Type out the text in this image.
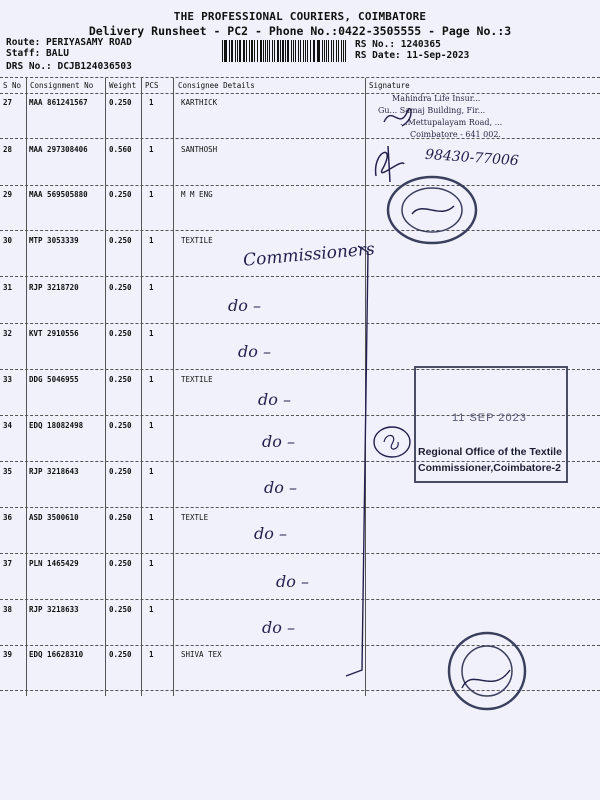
THE PROFESSIONAL COURIERS, COIMBATORE
Delivery Runsheet - PC2 - Phone No.:0422-3505555 - Page No.:3
Route: PERIYASAMY ROAD
Staff: BALU
DRS No.: DCJB124036503
RS No.: 1240365
RS Date: 11-Sep-2023
S No Consignment No Weight PCS	Consignee Details	Signature
27 MAA 861241567	0.250 1	KARTHICK
28 MAA 297308406	0.560 1	SANTHOSH
29 MAA 569505880	0.250 1	M M ENG
30 MTP 3053339	0.250 1	TEXTILE
31 RJP 3218720	0.250 1
32 KVT 2910556	0.250 1
33 DDG 5046955	0.250 1	TEXTILE
34 EDQ 18082498	0.250 1
35 RJP 3218643	0.250 1
36 ASD 3500610	0.250 1	TEXTLE
37 PLN 1465429	0.250 1
38 RJP 3218633	0.250 1
39 EDQ 16628310	0.250 1	SHIVA TEX
Commissioners
do –
do –
do –
do –
do –
do –
do –
do –
98430-77006
Mahindra Life Insur...
Gu... Samaj Building, Fir...
...Mettupalayam Road, ...
Coimbatore - 641 002.
11 SEP 2023
Regional Office of the Textile
Commissioner,Coimbatore-2
